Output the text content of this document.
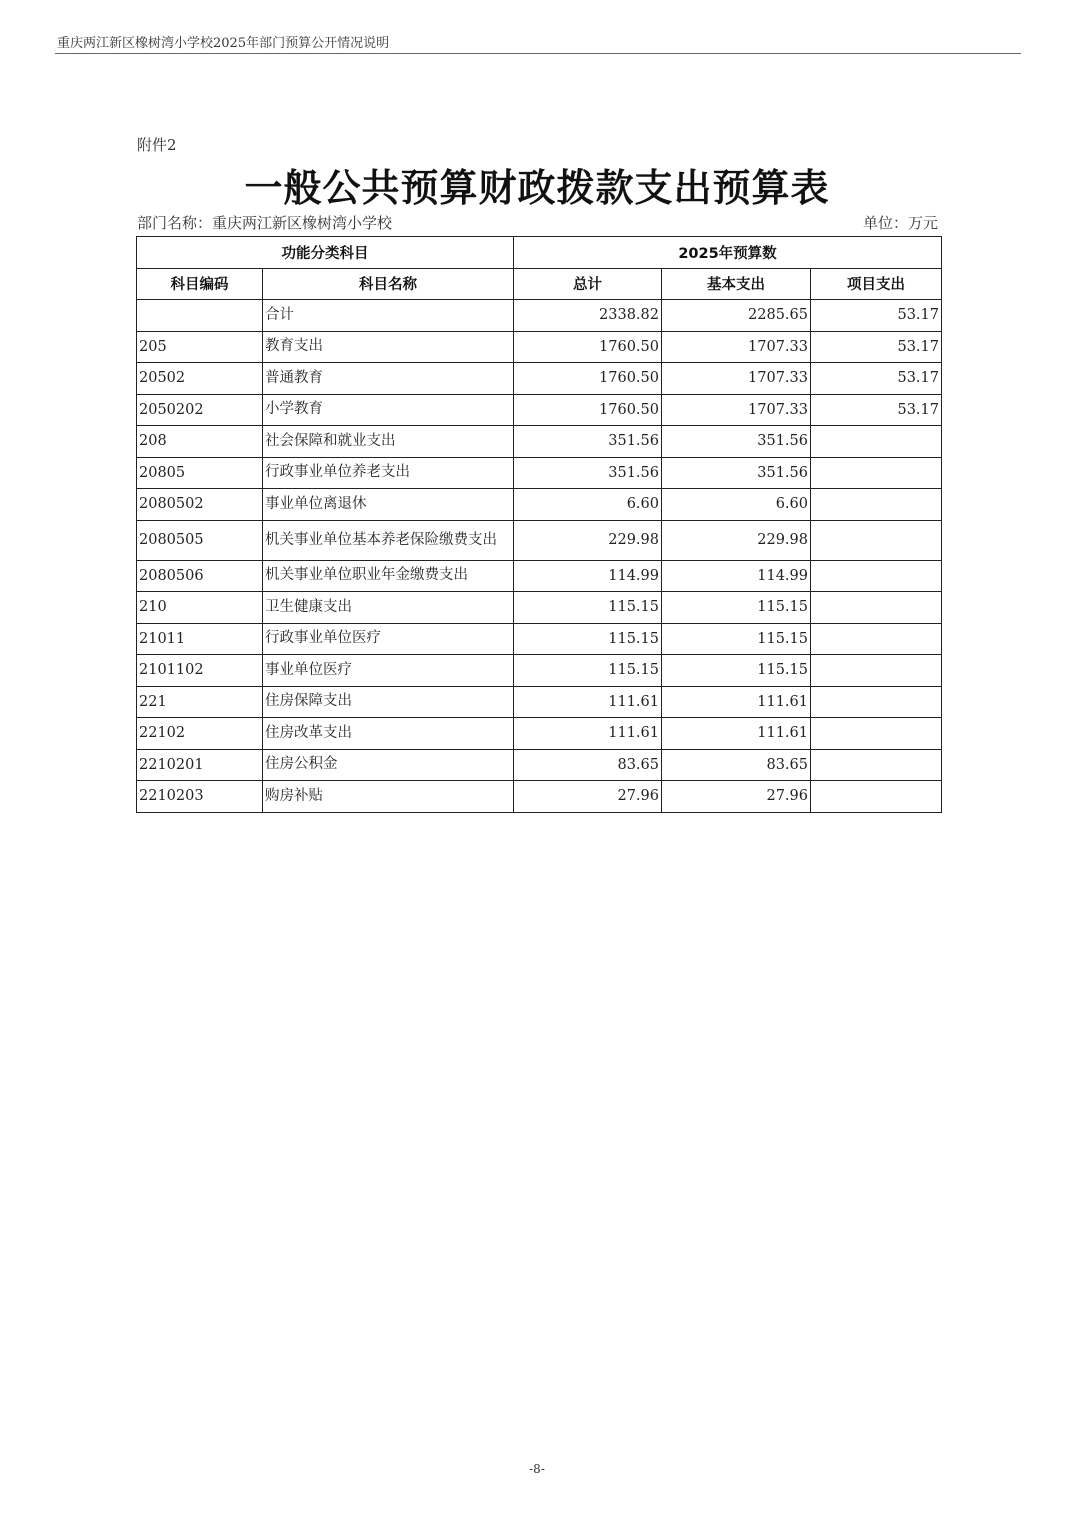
重庆两江新区橡树湾小学校2025年部门预算公开情况说明
附件2
一般公共预算财政拨款支出预算表
部门名称：重庆两江新区橡树湾小学校	单位：万元
功能分类科目		2025年预算数		
科目编码	科目名称	总计	基本支出	项目支出
	合计	2338.82	2285.65	53.17
205	教育支出	1760.50	1707.33	53.17
20502	普通教育	1760.50	1707.33	53.17
2050202	小学教育	1760.50	1707.33	53.17
208	社会保障和就业支出	351.56	351.56	
20805	行政事业单位养老支出	351.56	351.56	
2080502	事业单位离退休	6.60	6.60	
2080505	机关事业单位基本养老保险缴费支出	229.98	229.98	
2080506	机关事业单位职业年金缴费支出	114.99	114.99	
210	卫生健康支出	115.15	115.15	
21011	行政事业单位医疗	115.15	115.15	
2101102	事业单位医疗	115.15	115.15	
221	住房保障支出	111.61	111.61	
22102	住房改革支出	111.61	111.61	
2210201	住房公积金	83.65	83.65	
2210203	购房补贴	27.96	27.96	
-8-
